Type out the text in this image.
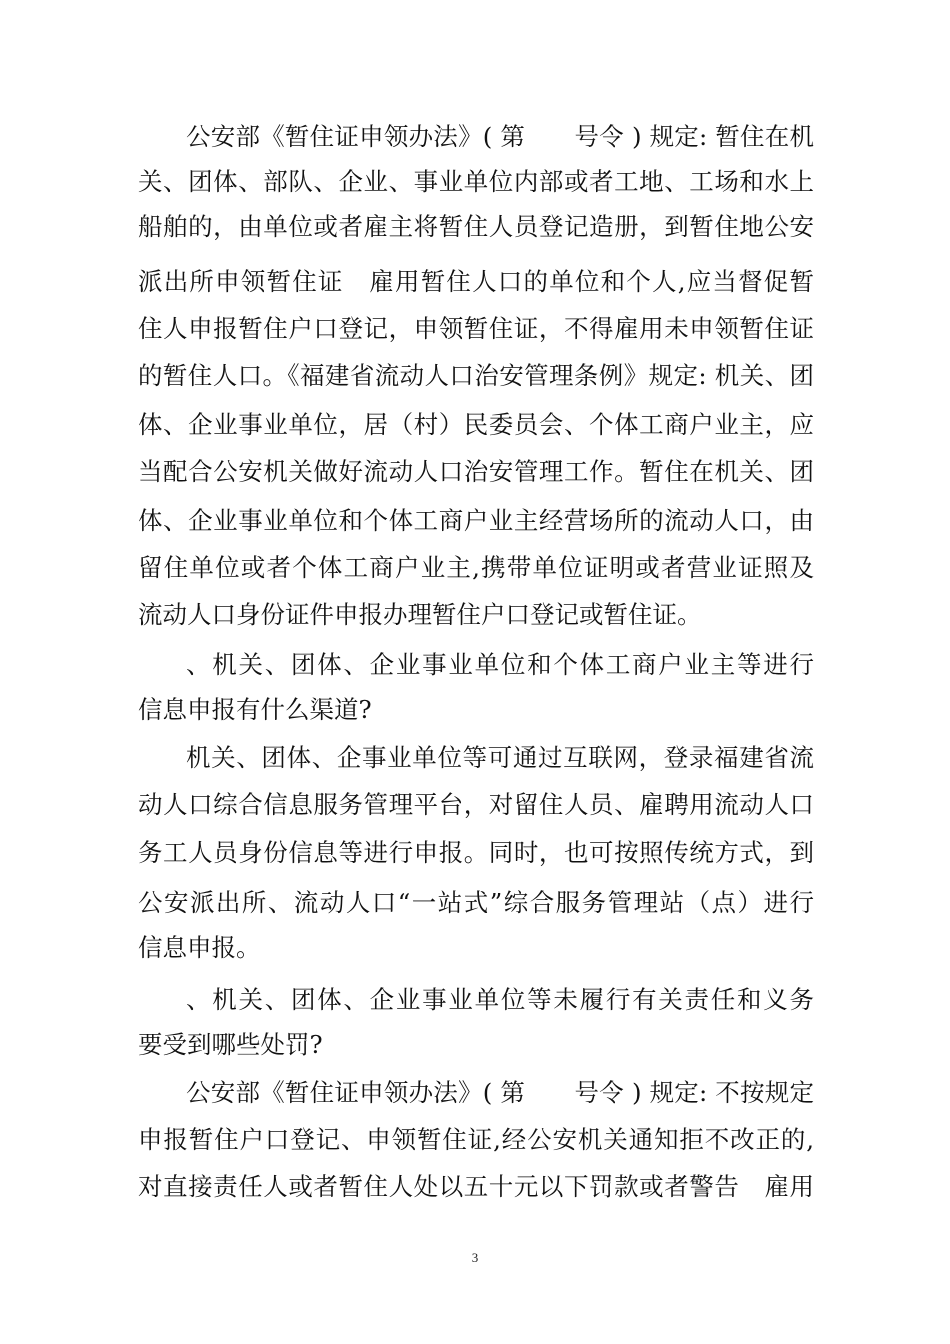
公安部《暂住证申领办法》( 第　　号令 ) 规定: 暂住在机

关、团体、部队、企业、事业单位内部或者工地、工场和水上

船舶的，由单位或者雇主将暂住人员登记造册，到暂住地公安

派出所申领暂住证　雇用暂住人口的单位和个人,应当督促暂

住人申报暂住户口登记，申领暂住证，不得雇用未申领暂住证

的暂住人口。《福建省流动人口治安管理条例》规定: 机关、团

体、企业事业单位，居（村）民委员会、个体工商户业主，应

当配合公安机关做好流动人口治安管理工作。暂住在机关、团

体、企业事业单位和个体工商户业主经营场所的流动人口，由

留住单位或者个体工商户业主,携带单位证明或者营业证照及

流动人口身份证件申报办理暂住户口登记或暂住证。

、机关、团体、企业事业单位和个体工商户业主等进行

信息申报有什么渠道?

机关、团体、企事业单位等可通过互联网，登录福建省流

动人口综合信息服务管理平台，对留住人员、雇聘用流动人口

务工人员身份信息等进行申报。同时，也可按照传统方式，到

公安派出所、流动人口“一站式”综合服务管理站（点）进行

信息申报。

、机关、团体、企业事业单位等未履行有关责任和义务

要受到哪些处罚?

公安部《暂住证申领办法》( 第　　号令 ) 规定: 不按规定

申报暂住户口登记、申领暂住证,经公安机关通知拒不改正的,

对直接责任人或者暂住人处以五十元以下罚款或者警告　雇用

3
